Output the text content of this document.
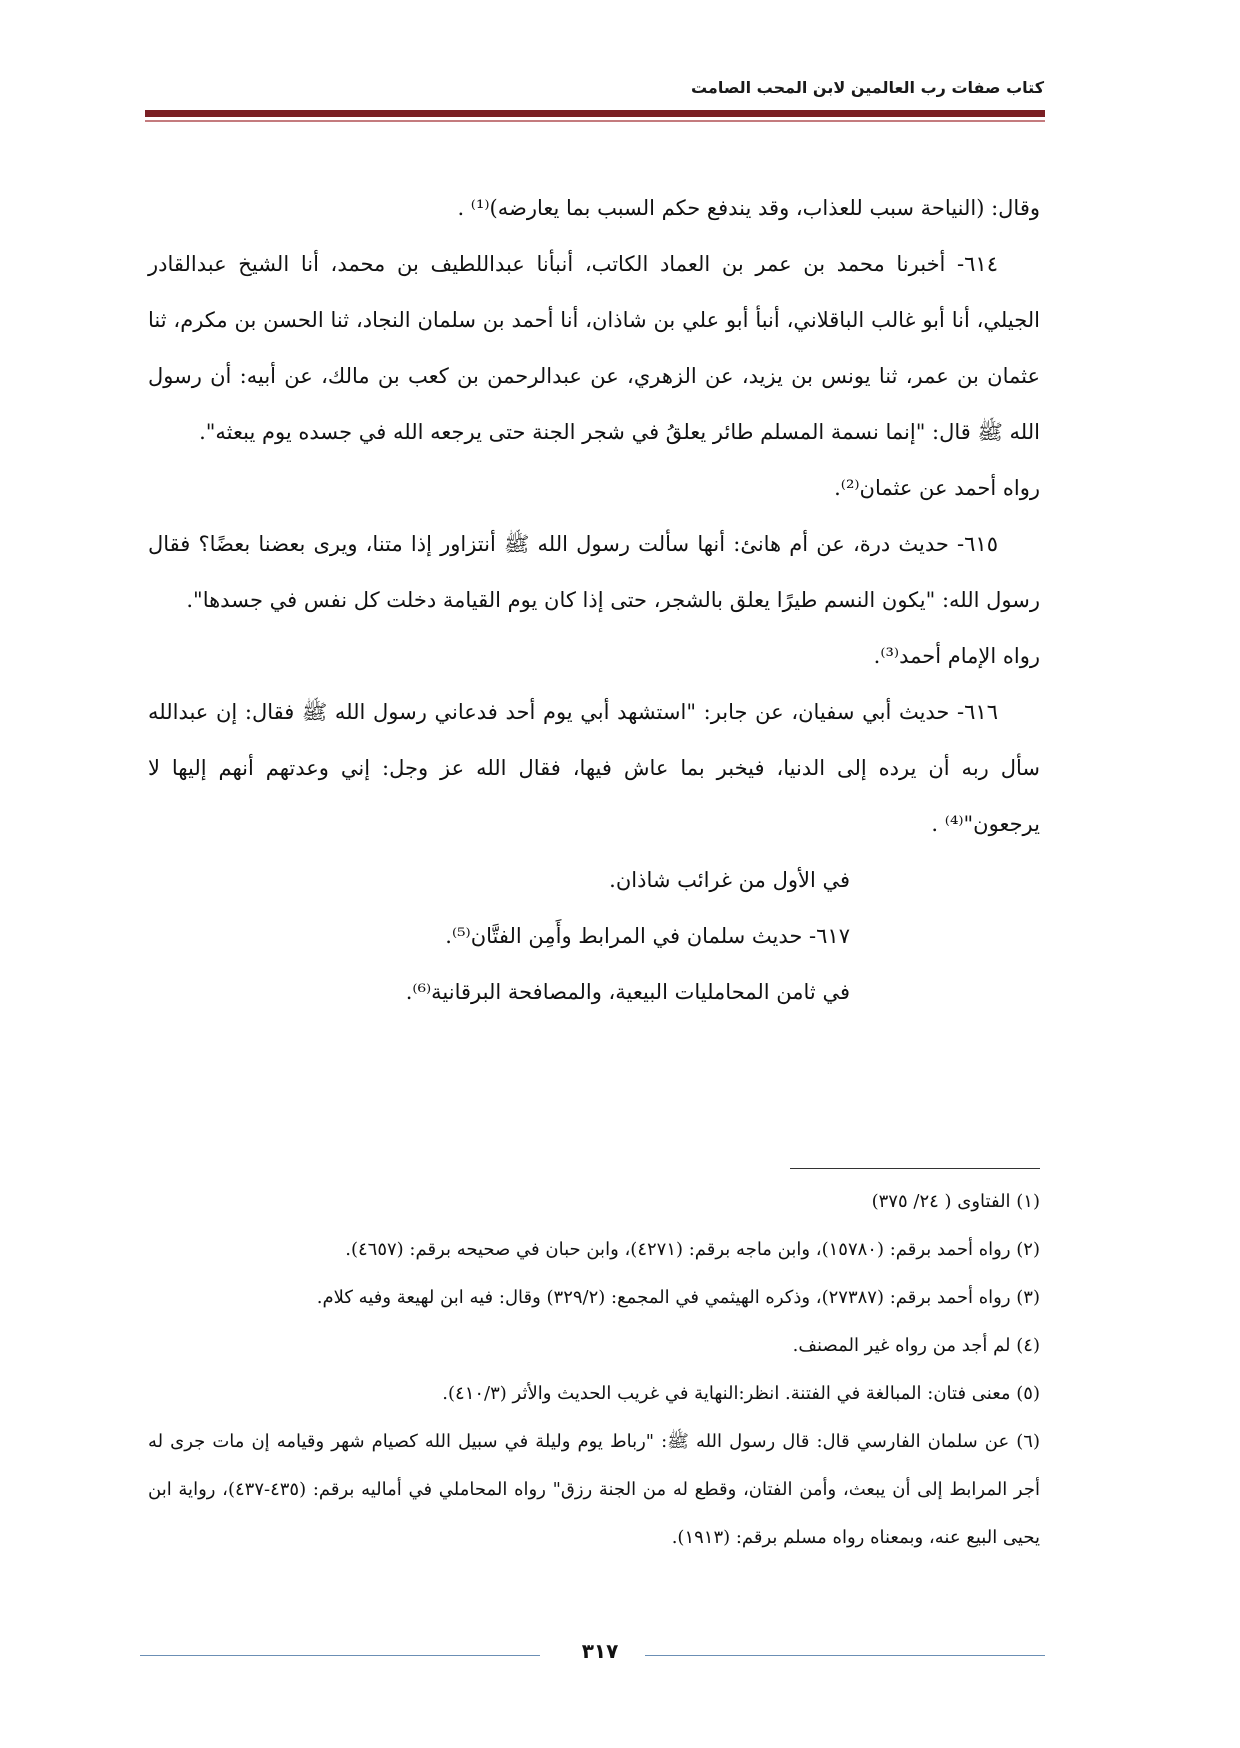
كتاب صفات رب العالمين لابن المحب الصامت

وقال: (النياحة سبب للعذاب، وقد يندفع حكم السبب بما يعارضه)⁽¹⁾ .

٦١٤- أخبرنا محمد بن عمر بن العماد الكاتب، أنبأنا عبداللطيف بن محمد، أنا الشيخ عبدالقادر الجيلي، أنا أبو غالب الباقلاني، أنبأ أبو علي بن شاذان، أنا أحمد بن سلمان النجاد، ثنا الحسن بن مكرم، ثنا عثمان بن عمر، ثنا يونس بن يزيد، عن الزهري، عن عبدالرحمن بن كعب بن مالك، عن أبيه: أن رسول الله ﷺ قال: "إنما نسمة المسلم طائر يعلقُ في شجر الجنة حتى يرجعه الله في جسده يوم يبعثه".

رواه أحمد عن عثمان⁽²⁾.

٦١٥- حديث درة، عن أم هانئ: أنها سألت رسول الله ﷺ أنتزاور إذا متنا، ويرى بعضنا بعضًا؟ فقال رسول الله: "يكون النسم طيرًا يعلق بالشجر، حتى إذا كان يوم القيامة دخلت كل نفس في جسدها".

رواه الإمام أحمد⁽³⁾.

٦١٦- حديث أبي سفيان، عن جابر: "استشهد أبي يوم أحد فدعاني رسول الله ﷺ فقال: إن عبدالله سأل ربه أن يرده إلى الدنيا، فيخبر بما عاش فيها، فقال الله عز وجل: إني وعدتهم أنهم إليها لا يرجعون"⁽⁴⁾ .

في الأول من غرائب شاذان.

٦١٧- حديث سلمان في المرابط وأَمِن الفتَّان⁽⁵⁾.

في ثامن المحامليات البيعية، والمصافحة البرقانية⁽⁶⁾.

(١) الفتاوى ( ٢٤/ ٣٧٥)

(٢) رواه أحمد برقم: (١٥٧٨٠)، وابن ماجه برقم: (٤٢٧١)، وابن حبان في صحيحه برقم: (٤٦٥٧).

(٣) رواه أحمد برقم: (٢٧٣٨٧)، وذكره الهيثمي في المجمع: (٣٢٩/٢) وقال: فيه ابن لهيعة وفيه كلام.

(٤) لم أجد من رواه غير المصنف.

(٥) معنى فتان: المبالغة في الفتنة. انظر:النهاية في غريب الحديث والأثر (٤١٠/٣).

(٦) عن سلمان الفارسي قال: قال رسول الله ﷺ: "رباط يوم وليلة في سبيل الله كصيام شهر وقيامه إن مات جرى له أجر المرابط إلى أن يبعث، وأمن الفتان، وقطع له من الجنة رزق" رواه المحاملي في أماليه برقم: (٤٣٥-٤٣٧)، رواية ابن يحيى البيع عنه، وبمعناه رواه مسلم برقم: (١٩١٣).

٣١٧
